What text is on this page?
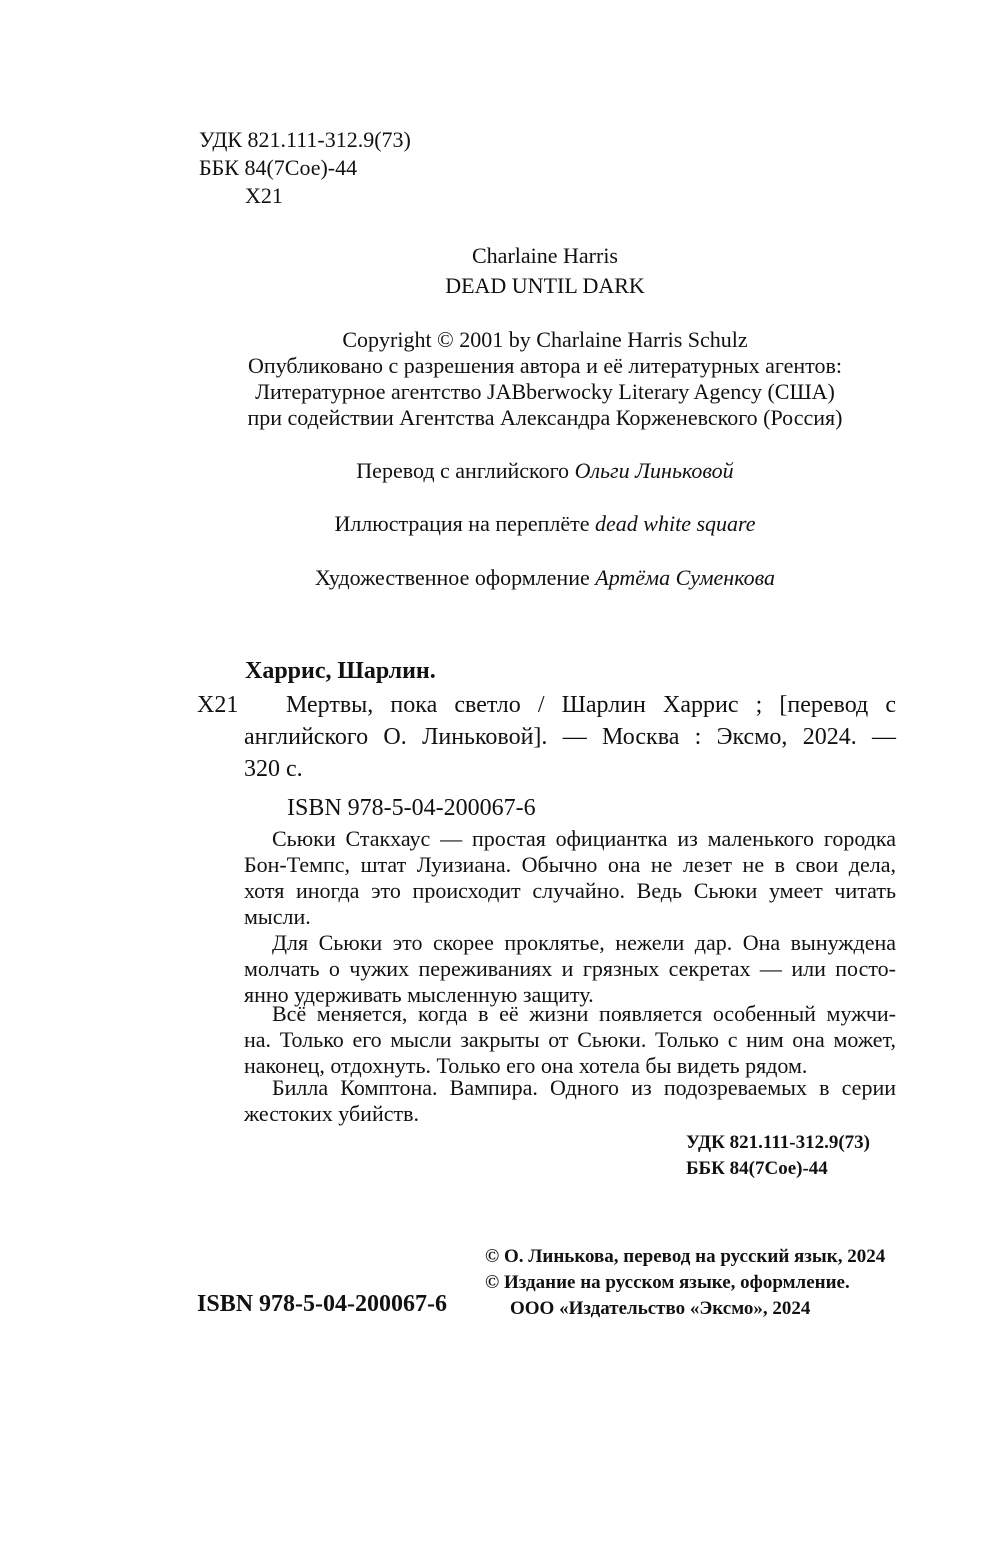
УДК 821.111-312.9(73)
ББК 84(7Сое)-44
Х21
Charlaine Harris
DEAD UNTIL DARK
Copyright © 2001 by Charlaine Harris Schulz
Опубликовано с разрешения автора и её литературных агентов:
Литературное агентство JABberwocky Literary Agency (США)
при содействии Агентства Александра Корженевского (Россия)
Перевод с английского Ольги Линьковой
Иллюстрация на переплёте dead white square
Художественное оформление Артёма Суменкова
Харрис, Шарлин.
Х21 Мертвы, пока светло / Шарлин Харрис ; [перевод с
английского О. Линьковой]. — Москва : Эксмо, 2024. —
320 с.
ISBN 978-5-04-200067-6
Сьюки Стакхаус — простая официантка из маленького городка
Бон-Темпс, штат Луизиана. Обычно она не лезет не в свои дела,
хотя иногда это происходит случайно. Ведь Сьюки умеет читать
мысли.
Для Сьюки это скорее проклятье, нежели дар. Она вынуждена
молчать о чужих переживаниях и грязных секретах — или посто-
янно удерживать мысленную защиту.
Всё меняется, когда в её жизни появляется особенный мужчи-
на. Только его мысли закрыты от Сьюки. Только с ним она может,
наконец, отдохнуть. Только его она хотела бы видеть рядом.
Билла Комптона. Вампира. Одного из подозреваемых в серии
жестоких убийств.
УДК 821.111-312.9(73)
ББК 84(7Сое)-44
ISBN 978-5-04-200067-6
© О. Линькова, перевод на русский язык, 2024
© Издание на русском языке, оформление.
ООО «Издательство «Эксмо», 2024
